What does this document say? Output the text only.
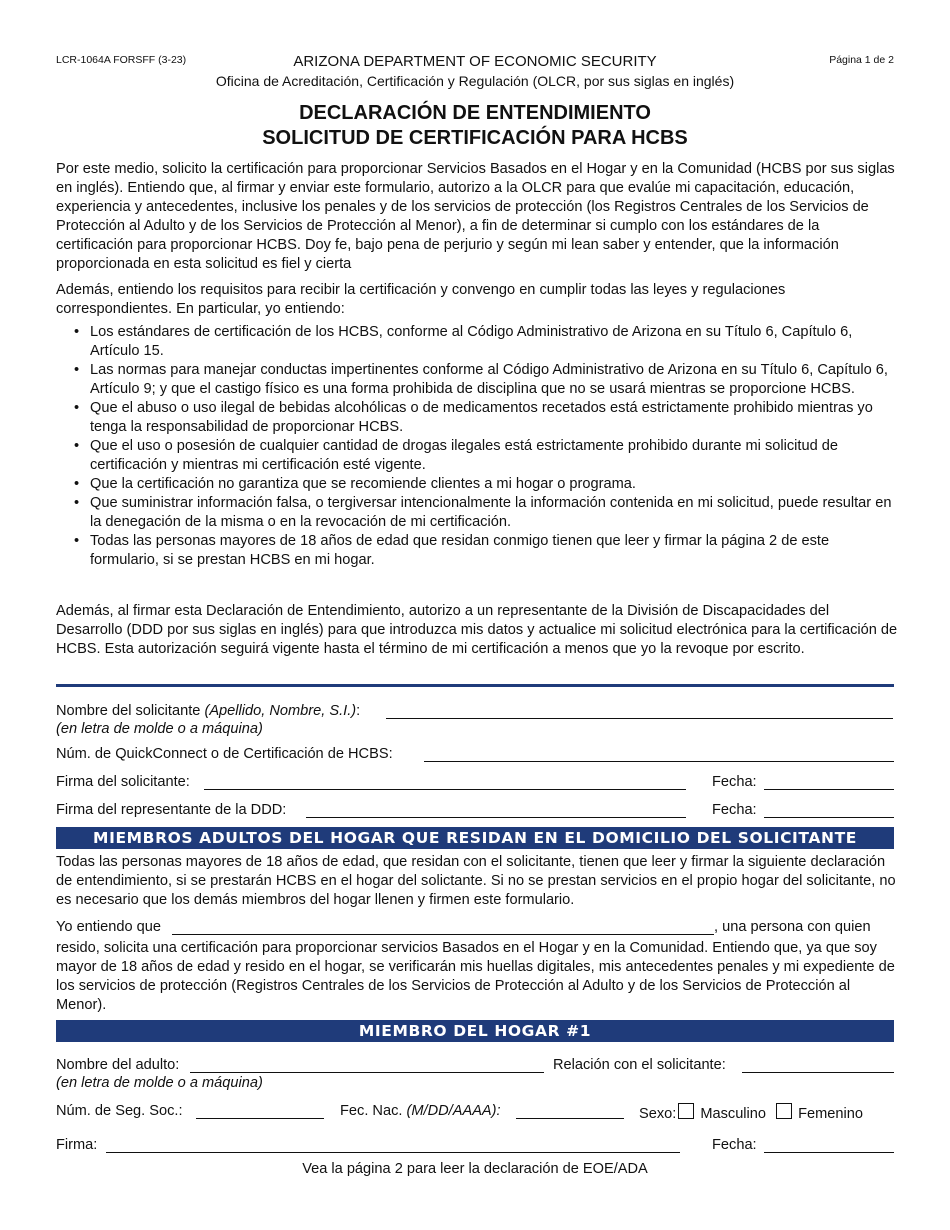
LCR-1064A FORSFF (3-23)	Página 1 de 2
ARIZONA DEPARTMENT OF ECONOMIC SECURITY
Oficina de Acreditación, Certificación y Regulación (OLCR, por sus siglas en inglés)
DECLARACIÓN DE ENTENDIMIENTO
SOLICITUD DE CERTIFICACIÓN PARA HCBS
Por este medio, solicito la certificación para proporcionar Servicios Basados en el Hogar y en la Comunidad (HCBS por sus siglas en inglés). Entiendo que, al firmar y enviar este formulario, autorizo a la OLCR para que evalúe mi capacitación, educación, experiencia y antecedentes, inclusive los penales y de los servicios de protección (los Registros Centrales de los Servicios de Protección al Adulto y de los Servicios de Protección al Menor), a fin de determinar si cumplo con los estándares de la certificación para proporcionar HCBS. Doy fe, bajo pena de perjurio y según mi lean saber y entender, que la información proporcionada en esta solicitud es fiel y cierta
Además, entiendo los requisitos para recibir la certificación y convengo en cumplir todas las leyes y regulaciones correspondientes. En particular, yo entiendo:
• Los estándares de certificación de los HCBS, conforme al Código Administrativo de Arizona en su Título 6, Capítulo 6, Artículo 15.
• Las normas para manejar conductas impertinentes conforme al Código Administrativo de Arizona en su Título 6, Capítulo 6, Artículo 9; y que el castigo físico es una forma prohibida de disciplina que no se usará mientras se proporcione HCBS.
• Que el abuso o uso ilegal de bebidas alcohólicas o de medicamentos recetados está estrictamente prohibido mientras yo tenga la responsabilidad de proporcionar HCBS.
• Que el uso o posesión de cualquier cantidad de drogas ilegales está estrictamente prohibido durante mi solicitud de certificación y mientras mi certificación esté vigente.
• Que la certificación no garantiza que se recomiende clientes a mi hogar o programa.
• Que suministrar información falsa, o tergiversar intencionalmente la información contenida en mi solicitud, puede resultar en la denegación de la misma o en la revocación de mi certificación.
• Todas las personas mayores de 18 años de edad que residan conmigo tienen que leer y firmar la página 2 de este formulario, si se prestan HCBS en mi hogar.
Además, al firmar esta Declaración de Entendimiento, autorizo a un representante de la División de Discapacidades del Desarrollo (DDD por sus siglas en inglés) para que introduzca mis datos y actualice mi solicitud electrónica para la certificación de HCBS. Esta autorización seguirá vigente hasta el término de mi certificación a menos que yo la revoque por escrito.
Nombre del solicitante (Apellido, Nombre, S.I.):
(en letra de molde o a máquina)
Núm. de QuickConnect o de Certificación de HCBS:
Firma del solicitante:	Fecha:
Firma del representante de la DDD:	Fecha:
MIEMBROS ADULTOS DEL HOGAR QUE RESIDAN EN EL DOMICILIO DEL SOLICITANTE
Todas las personas mayores de 18 años de edad, que residan con el solicitante, tienen que leer y firmar la siguiente declaración de entendimiento, si se prestarán HCBS en el hogar del solictante. Si no se prestan servicios en el propio hogar del solicitante, no es necesario que los demás miembros del hogar llenen y firmen este formulario.
Yo entiendo que	, una persona con quien
resido, solicita una certificación para proporcionar servicios Basados en el Hogar y en la Comunidad. Entiendo que, ya que soy mayor de 18 años de edad y resido en el hogar, se verificarán mis huellas digitales, mis antecedentes penales y mi expediente de los servicios de protección (Registros Centrales de los Servicios de Protección al Adulto y de los Servicios de Protección al Menor).
MIEMBRO DEL HOGAR #1
Nombre del adulto:
(en letra de molde o a máquina)
Relación con el solicitante:
Núm. de Seg. Soc.:	Fec. Nac. (M/DD/AAAA):	Sexo: Masculino Femenino
Firma:	Fecha:
Vea la página 2 para leer la declaración de EOE/ADA
